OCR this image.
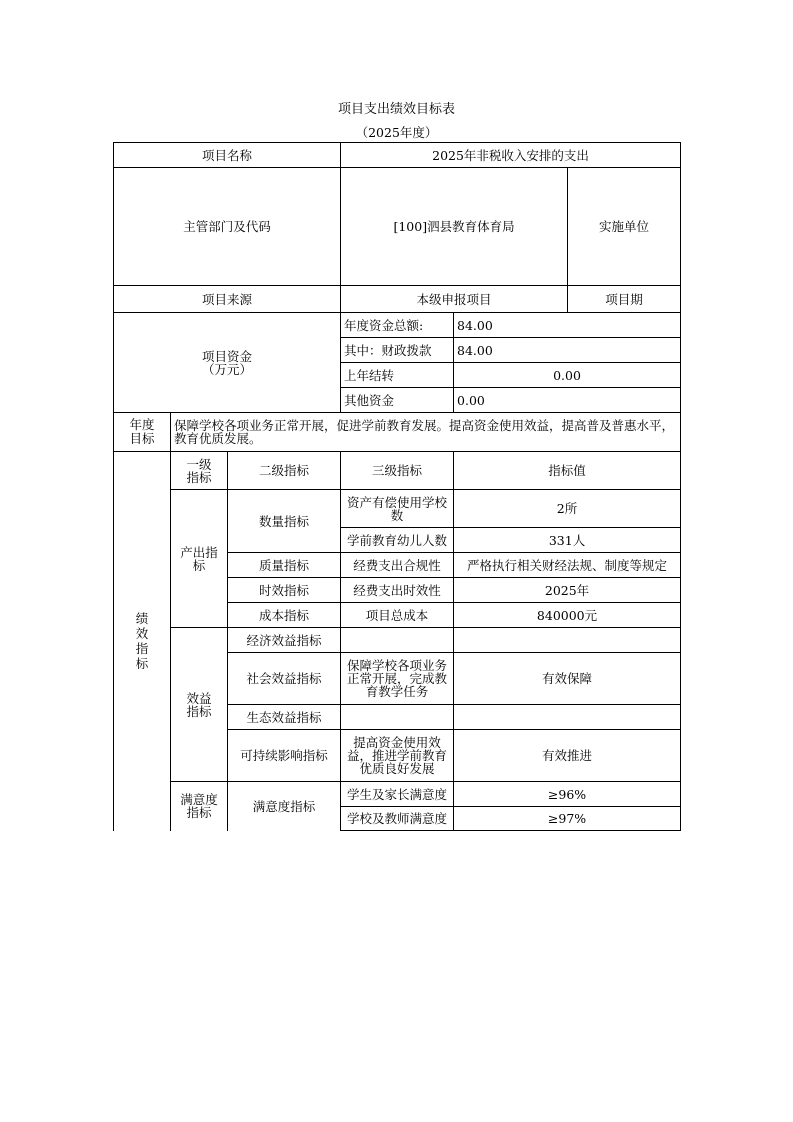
项目支出绩效目标表
（2025年度）
项目名称			2025年非税收入安排的支出			
主管部门及代码			[100]泗县教育体育局		实施单位	
项目来源			本级申报项目		项目期	

项目资金
（万元）			年度资金总额:	84.00		
			其中：财政拨款	84.00		
			上年结转	0.00		
			其他资金	0.00		
年度目标	保障学校各项业务正常开展，促进学前教育发展。提高资金使用效益，提高普及普惠水平，教育优质发展。					
绩效指标	一级指标	二级指标	三级指标	指标值		
	产出指标	数量指标	资产有偿使用学校数	2所		
			学前教育幼儿人数	331人		
		质量指标	经费支出合规性	严格执行相关财经法规、制度等规定		
		时效指标	经费支出时效性	2025年		
		成本指标	项目总成本	840000元		
	效益指标	经济效益指标				
		社会效益指标	保障学校各项业务正常开展，完成教育教学任务	有效保障		
		生态效益指标				
		可持续影响指标	提高资金使用效益，推进学前教育优质良好发展	有效推进		
	满意度指标	满意度指标	学生及家长满意度	≥96%		
			学校及教师满意度	≥97%		
